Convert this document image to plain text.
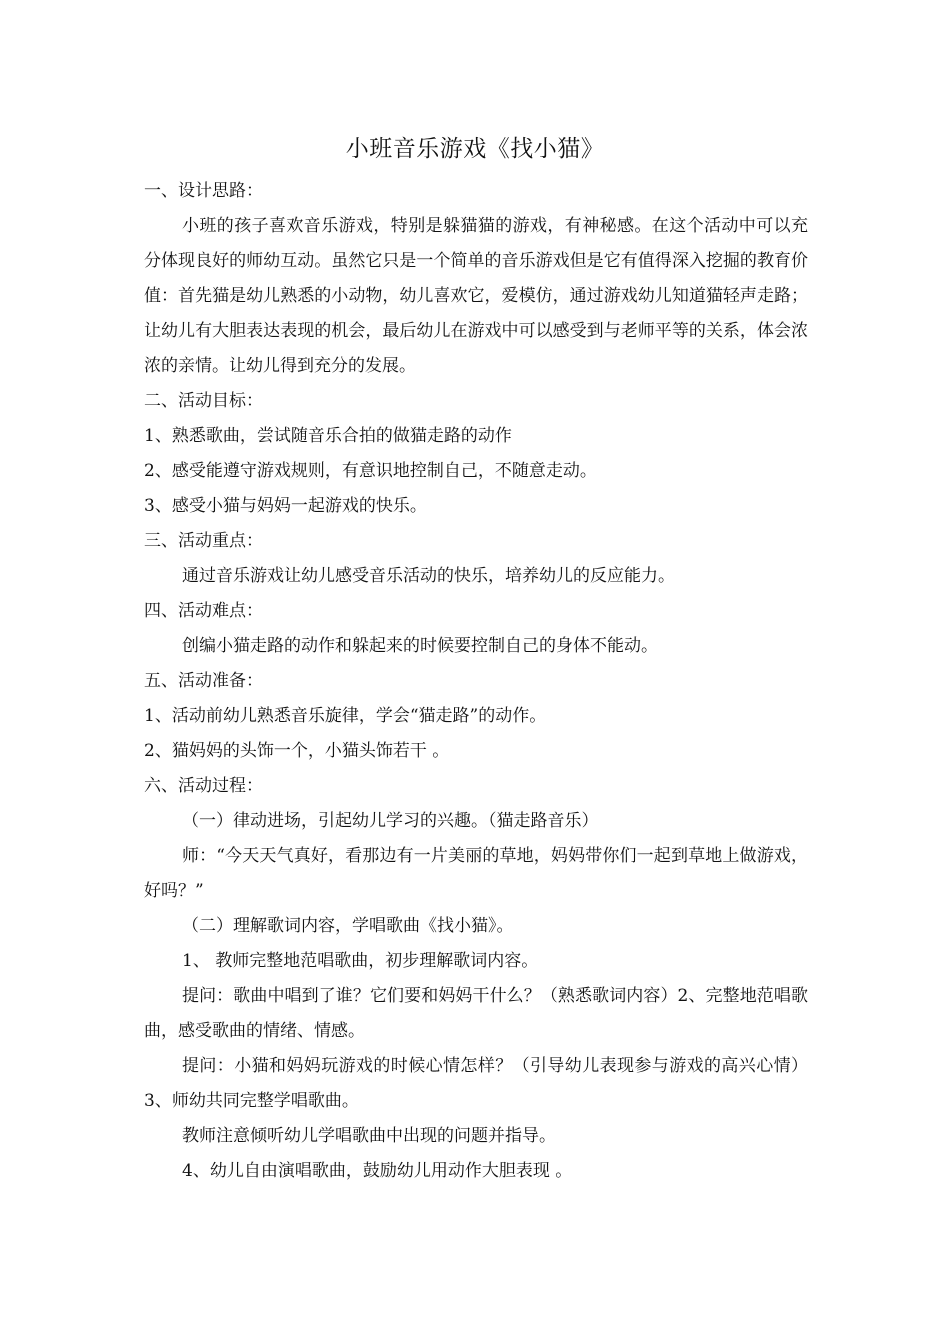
小班音乐游戏《找小猫》

一、设计思路：

小班的孩子喜欢音乐游戏，特别是躲猫猫的游戏，有神秘感。在这个活动中可以充分体现良好的师幼互动。虽然它只是一个简单的音乐游戏但是它有值得深入挖掘的教育价值：首先猫是幼儿熟悉的小动物，幼儿喜欢它，爱模仿，通过游戏幼儿知道猫轻声走路；让幼儿有大胆表达表现的机会，最后幼儿在游戏中可以感受到与老师平等的关系，体会浓浓的亲情。让幼儿得到充分的发展。

二、活动目标：

1、熟悉歌曲，尝试随音乐合拍的做猫走路的动作

2、感受能遵守游戏规则，有意识地控制自己，不随意走动。

3、感受小猫与妈妈一起游戏的快乐。

三、活动重点：

通过音乐游戏让幼儿感受音乐活动的快乐，培养幼儿的反应能力。

四、活动难点：

创编小猫走路的动作和躲起来的时候要控制自己的身体不能动。

五、活动准备：

1、活动前幼儿熟悉音乐旋律，学会“猫走路”的动作。

2、猫妈妈的头饰一个，小猫头饰若干 。

六、活动过程：

（一）律动进场，引起幼儿学习的兴趣。（猫走路音乐）

师：“今天天气真好，看那边有一片美丽的草地，妈妈带你们一起到草地上做游戏，好吗？”

（二）理解歌词内容，学唱歌曲《找小猫》。

1、 教师完整地范唱歌曲，初步理解歌词内容。

提问：歌曲中唱到了谁？它们要和妈妈干什么？（熟悉歌词内容）2、完整地范唱歌曲，感受歌曲的情绪、情感。

提问：小猫和妈妈玩游戏的时候心情怎样？（引导幼儿表现参与游戏的高兴心情）3、师幼共同完整学唱歌曲。

教师注意倾听幼儿学唱歌曲中出现的问题并指导。

4、幼儿自由演唱歌曲，鼓励幼儿用动作大胆表现 。
